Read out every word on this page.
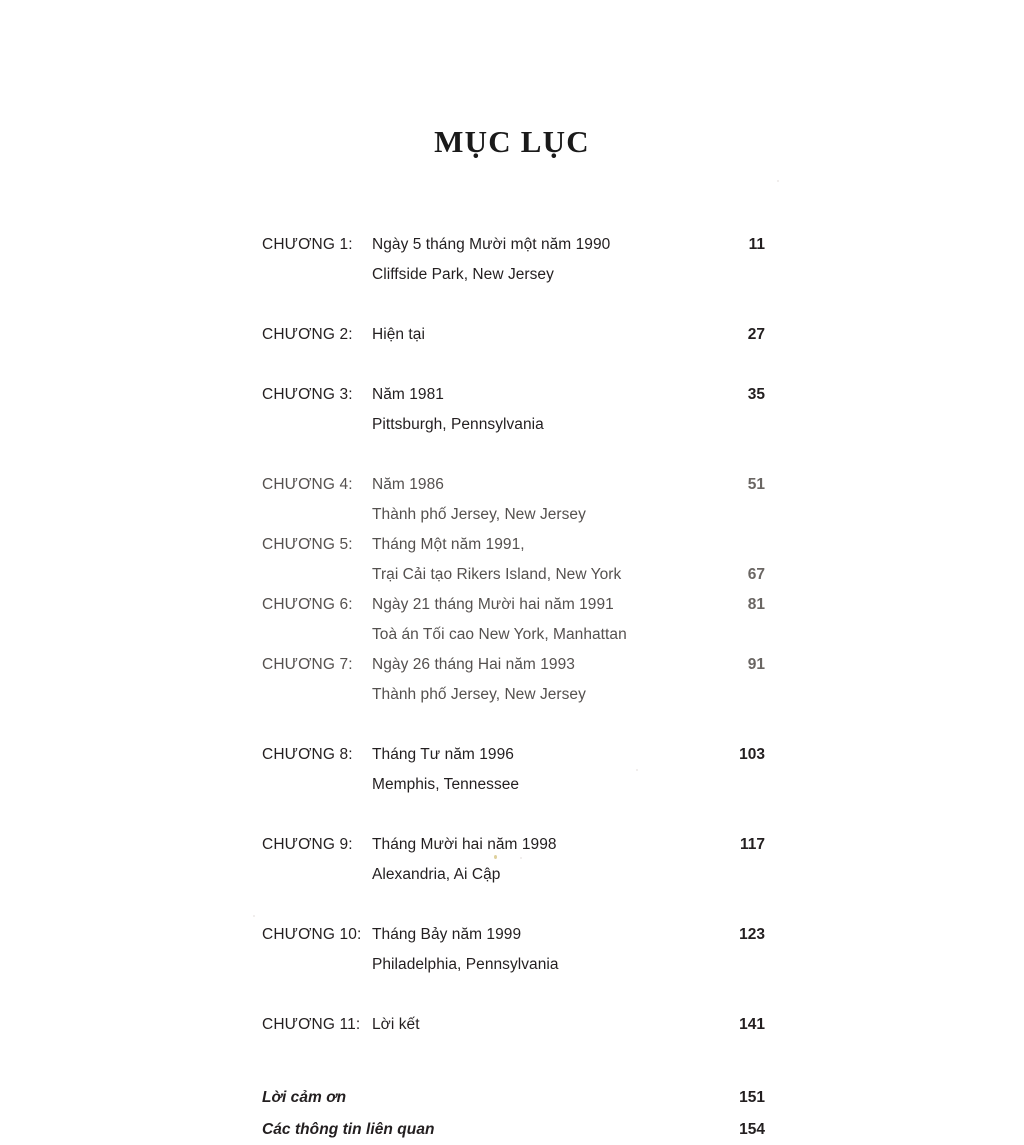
MỤC LỤC
CHƯƠNG 1:	Ngày 5 tháng Mười một năm 1990	11
Cliffside Park, New Jersey
CHƯƠNG 2:	Hiện tại	27
CHƯƠNG 3:	Năm 1981	35
Pittsburgh, Pennsylvania
CHƯƠNG 4:	Năm 1986	51
Thành phố Jersey, New Jersey
CHƯƠNG 5:	Tháng Một năm 1991,
Trại Cải tạo Rikers Island, New York	67
CHƯƠNG 6:	Ngày 21 tháng Mười hai năm 1991	81
Toà án Tối cao New York, Manhattan
CHƯƠNG 7:	Ngày 26 tháng Hai năm 1993	91
Thành phố Jersey, New Jersey
CHƯƠNG 8:	Tháng Tư năm 1996	103
Memphis, Tennessee
CHƯƠNG 9:	Tháng Mười hai năm 1998	117
Alexandria, Ai Cập
CHƯƠNG 10: Tháng Bảy năm 1999	123
Philadelphia, Pennsylvania
CHƯƠNG 11: Lời kết	141
Lời cảm ơn	151
Các thông tin liên quan	154
